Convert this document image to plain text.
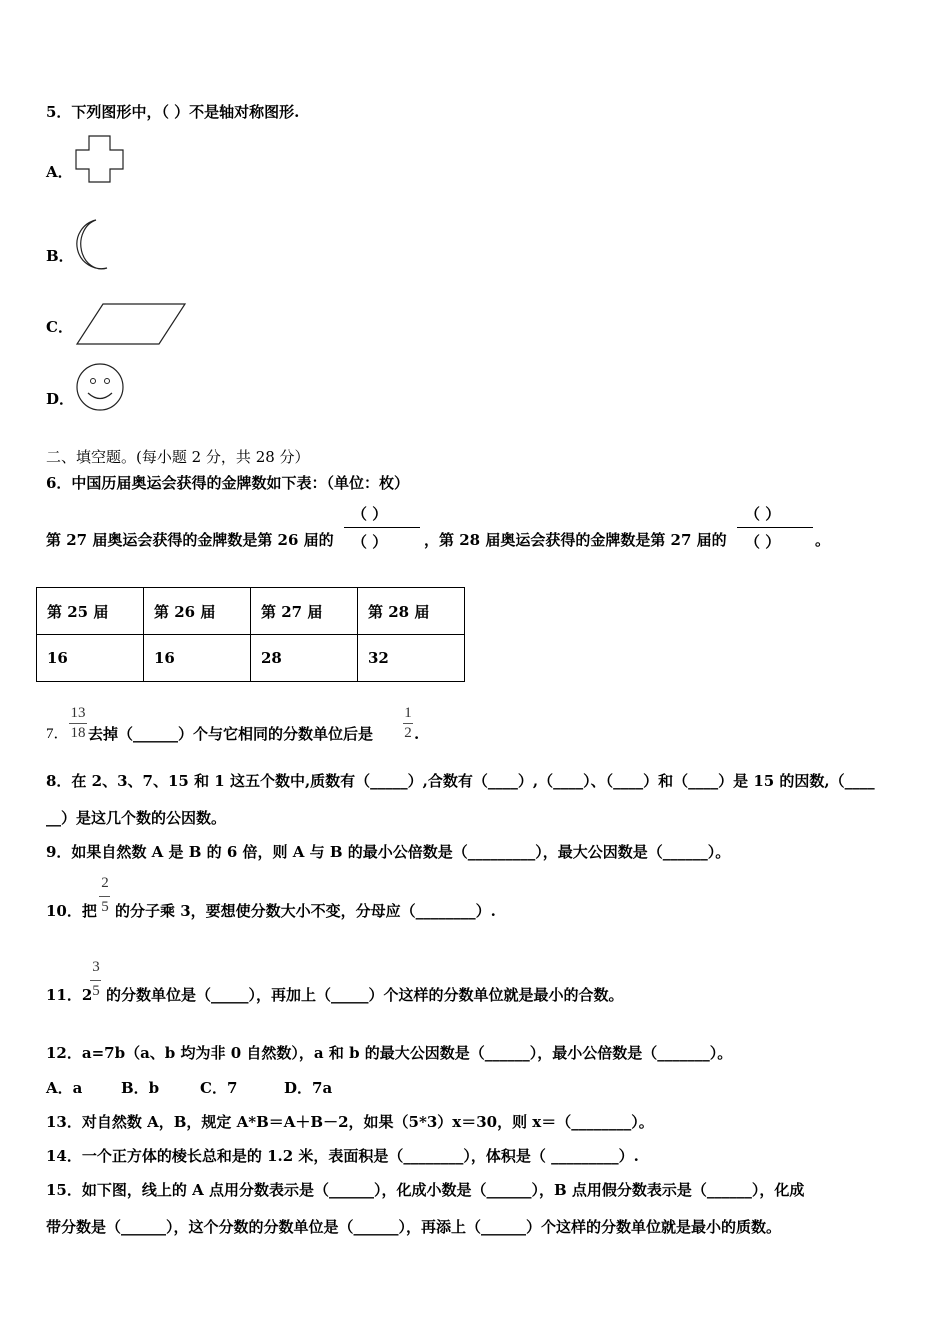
5．下列图形中，（ ）不是轴对称图形.
A．
B．
C．
D．
二、填空题。(每小题 2 分，共 28 分）
6．中国历届奥运会获得的金牌数如下表：（单位：枚）
第 27 届奥运会获得的金牌数是第 26 届的
（ ）
（ ） ，第 28 届奥运会获得的金牌数是第 27 届的
（ ）
（ ） 。
第 25 届	第 26 届	第 27 届	第 28 届
16	16	28	32
7．
13
18 去掉（______）个与它相同的分数单位后是
1
2 .
8．在 2、3、7、15 和 1 这五个数中,质数有（_____）,合数有（____）,（____）、（____）和（____）是 15 的因数,（____
__）是这几个数的公因数。
9．如果自然数 A 是 B 的 6 倍，则 A 与 B 的最小公倍数是（_________），最大公因数是（______）。
10．把
2
5 的分子乘 3，要想使分数大小不变，分母应（________）.
11．2
3
5 的分数单位是（_____），再加上（_____）个这样的分数单位就是最小的合数。
12．a=7b（a、b 均为非 0 自然数），a 和 b 的最大公因数是（______），最小公倍数是（_______）。
A．a	B．b	C．7	D．7a
13．对自然数 A，B，规定 A*B＝A＋B－2，如果（5*3）x＝30，则 x＝（________）。
14．一个正方体的棱长总和是的 1.2 米，表面积是（________），体积是（ _________）.
15．如下图，线上的 A 点用分数表示是（______），化成小数是（______），B 点用假分数表示是（______），化成
带分数是（______），这个分数的分数单位是（______），再添上（______）个这样的分数单位就是最小的质数。
